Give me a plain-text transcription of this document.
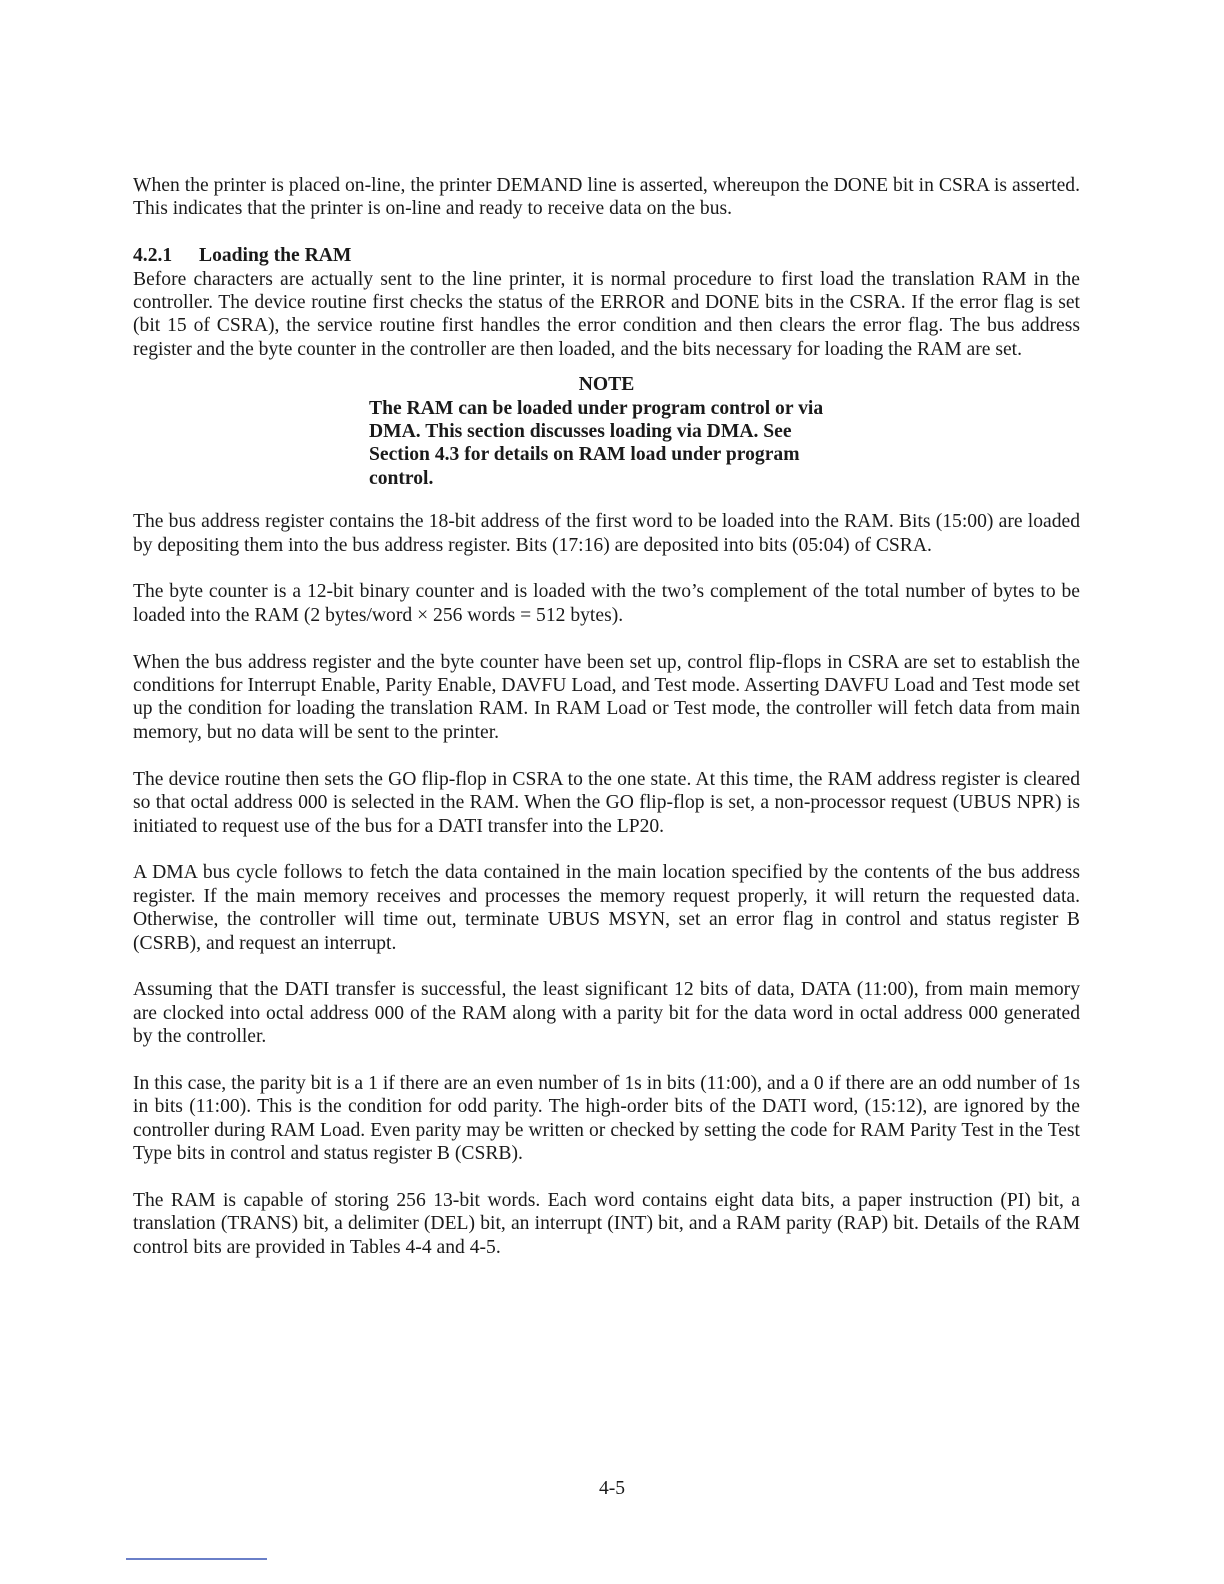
When the printer is placed on-line, the printer DEMAND line is asserted, whereupon the DONE bit in CSRA is asserted. This indicates that the printer is on-line and ready to receive data on the bus.

4.2.1 Loading the RAM

Before characters are actually sent to the line printer, it is normal procedure to first load the translation RAM in the controller. The device routine first checks the status of the ERROR and DONE bits in the CSRA. If the error flag is set (bit 15 of CSRA), the service routine first handles the error condition and then clears the error flag. The bus address register and the byte counter in the controller are then loaded, and the bits necessary for loading the RAM are set.

NOTE

The RAM can be loaded under program control or via DMA. This section discusses loading via DMA. See Section 4.3 for details on RAM load under program control.

The bus address register contains the 18-bit address of the first word to be loaded into the RAM. Bits (15:00) are loaded by depositing them into the bus address register. Bits (17:16) are deposited into bits (05:04) of CSRA.

The byte counter is a 12-bit binary counter and is loaded with the two’s complement of the total number of bytes to be loaded into the RAM (2 bytes/word × 256 words = 512 bytes).

When the bus address register and the byte counter have been set up, control flip-flops in CSRA are set to establish the conditions for Interrupt Enable, Parity Enable, DAVFU Load, and Test mode. Asserting DAVFU Load and Test mode set up the condition for loading the translation RAM. In RAM Load or Test mode, the controller will fetch data from main memory, but no data will be sent to the printer.

The device routine then sets the GO flip-flop in CSRA to the one state. At this time, the RAM address register is cleared so that octal address 000 is selected in the RAM. When the GO flip-flop is set, a non-processor request (UBUS NPR) is initiated to request use of the bus for a DATI transfer into the LP20.

A DMA bus cycle follows to fetch the data contained in the main location specified by the contents of the bus address register. If the main memory receives and processes the memory request properly, it will return the requested data. Otherwise, the controller will time out, terminate UBUS MSYN, set an error flag in control and status register B (CSRB), and request an interrupt.

Assuming that the DATI transfer is successful, the least significant 12 bits of data, DATA (11:00), from main memory are clocked into octal address 000 of the RAM along with a parity bit for the data word in octal address 000 generated by the controller.

In this case, the parity bit is a 1 if there are an even number of 1s in bits (11:00), and a 0 if there are an odd number of 1s in bits (11:00). This is the condition for odd parity. The high-order bits of the DATI word, (15:12), are ignored by the controller during RAM Load. Even parity may be written or checked by setting the code for RAM Parity Test in the Test Type bits in control and status register B (CSRB).

The RAM is capable of storing 256 13-bit words. Each word contains eight data bits, a paper instruction (PI) bit, a translation (TRANS) bit, a delimiter (DEL) bit, an interrupt (INT) bit, and a RAM parity (RAP) bit. Details of the RAM control bits are provided in Tables 4-4 and 4-5.

4-5
